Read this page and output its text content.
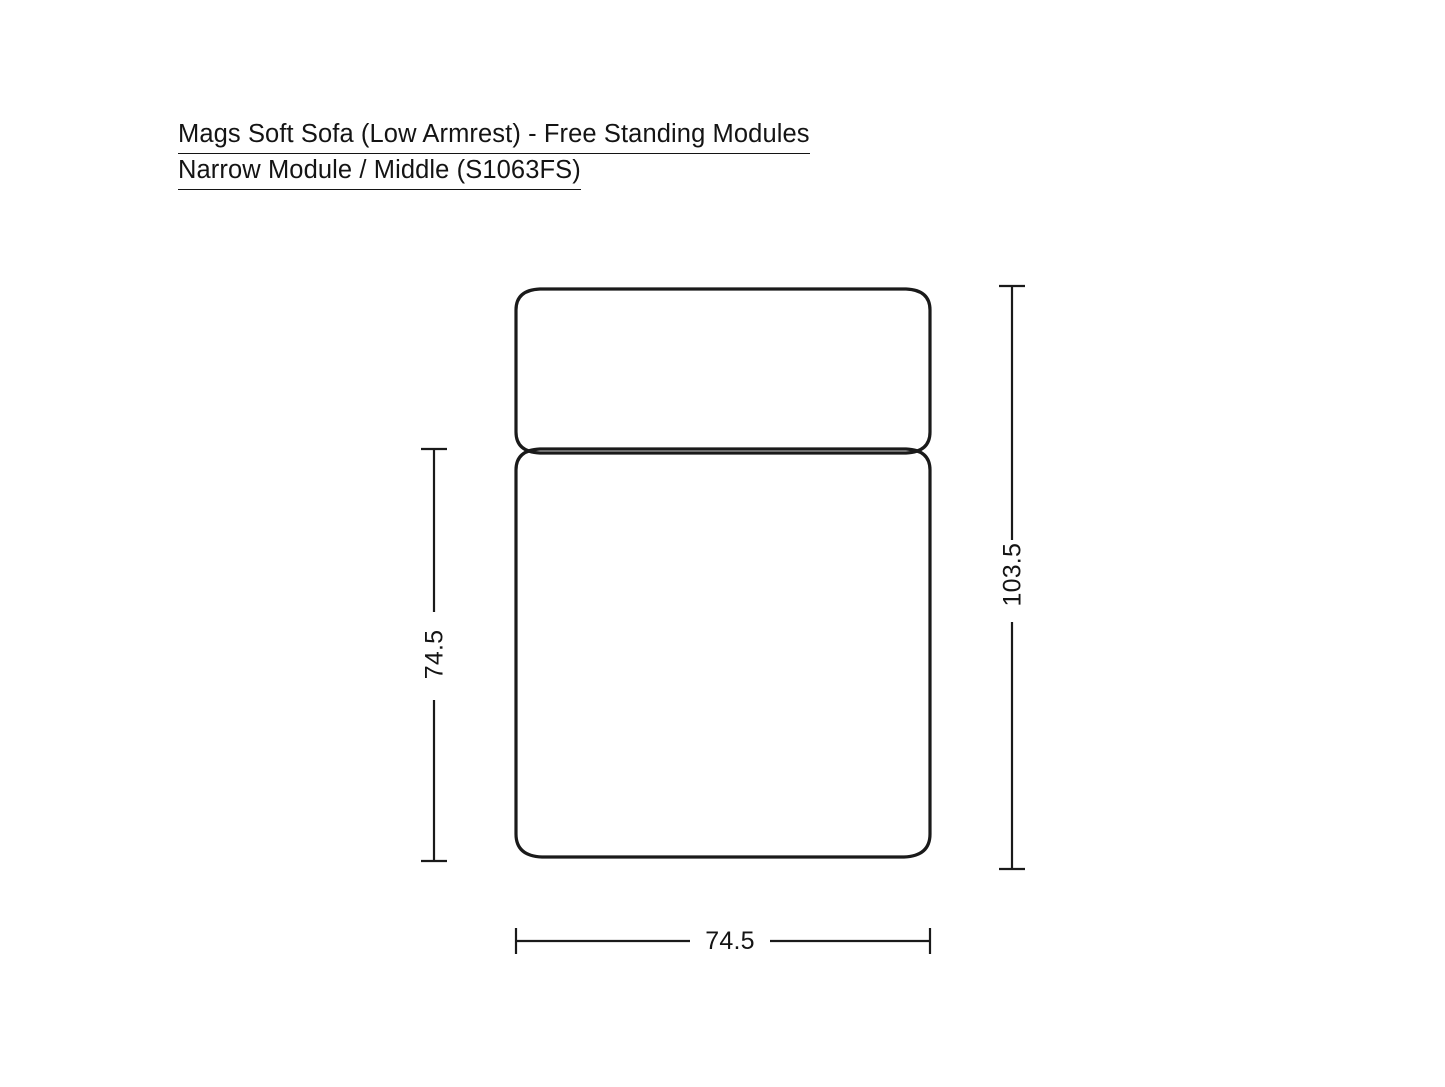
Mags Soft Sofa (Low Armrest) - Free Standing Modules
Narrow Module / Middle (S1063FS)
103.5
74.5
74.5
